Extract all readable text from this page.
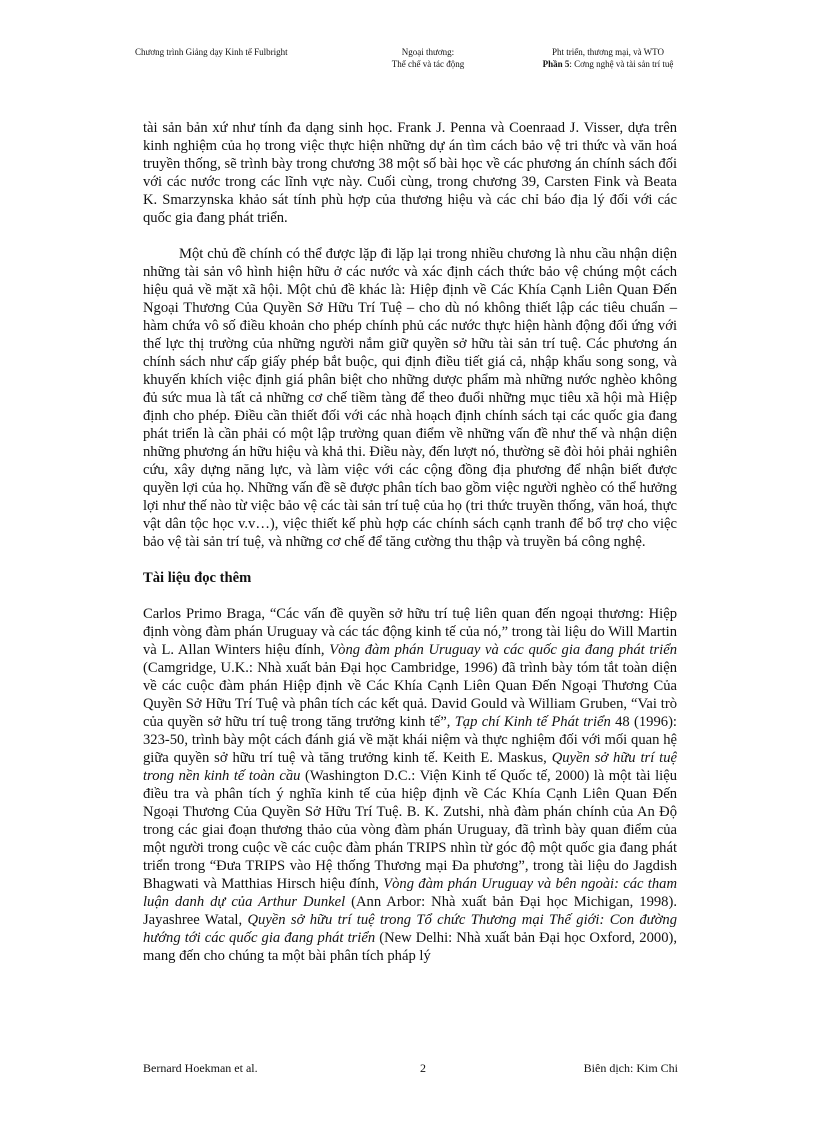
Chương trình Giảng dạy Kinh tế Fulbright	Ngoại thương:
Thể chế và tác động
Pht triển, thương mại, và WTO
Phần 5: Cơng nghệ và tài sản trí tuệ

tài sản bản xứ như tính đa dạng sinh học. Frank J. Penna và Coenraad J. Visser, dựa trên kinh nghiệm của họ trong việc thực hiện những dự án tìm cách bảo vệ tri thức và văn hoá truyền thống, sẽ trình bày trong chương 38 một số bài học về các phương án chính sách đối với các nước trong các lĩnh vực này. Cuối cùng, trong chương 39, Carsten Fink và Beata K. Smarzynska khảo sát tính phù hợp của thương hiệu và các chỉ báo địa lý đối với các quốc gia đang phát triển.

Một chủ đề chính có thể được lặp đi lặp lại trong nhiều chương là nhu cầu nhận diện những tài sản vô hình hiện hữu ở các nước và xác định cách thức bảo vệ chúng một cách hiệu quả về mặt xã hội. Một chủ đề khác là: Hiệp định về Các Khía Cạnh Liên Quan Đến Ngoại Thương Của Quyền Sở Hữu Trí Tuệ – cho dù nó không thiết lập các tiêu chuẩn – hàm chứa vô số điều khoản cho phép chính phủ các nước thực hiện hành động đối ứng với thế lực thị trường của những người nắm giữ quyền sở hữu tài sản trí tuệ. Các phương án chính sách như cấp giấy phép bắt buộc, qui định điều tiết giá cả, nhập khẩu song song, và khuyến khích việc định giá phân biệt cho những dược phẩm mà những nước nghèo không đủ sức mua là tất cả những cơ chế tiềm tàng để theo đuổi những mục tiêu xã hội mà Hiệp định cho phép. Điều cần thiết đối với các nhà hoạch định chính sách tại các quốc gia đang phát triển là cần phải có một lập trường quan điểm về những vấn đề như thế và nhận diện những phương án hữu hiệu và khả thi. Điều này, đến lượt nó, thường sẽ đòi hỏi phải nghiên cứu, xây dựng năng lực, và làm việc với các cộng đồng địa phương để nhận biết được quyền lợi của họ. Những vấn đề sẽ được phân tích bao gồm việc người nghèo có thể hưởng lợi như thế nào từ việc bảo vệ các tài sản trí tuệ của họ (tri thức truyền thống, văn hoá, thực vật dân tộc học v.v…), việc thiết kế phù hợp các chính sách cạnh tranh để bổ trợ cho việc bảo vệ tài sản trí tuệ, và những cơ chế để tăng cường thu thập và truyền bá công nghệ.

Tài liệu đọc thêm

Carlos Primo Braga, “Các vấn đề quyền sở hữu trí tuệ liên quan đến ngoại thương: Hiệp định vòng đàm phán Uruguay và các tác động kinh tế của nó,” trong tài liệu do Will Martin và L. Allan Winters hiệu đính, Vòng đàm phán Uruguay và các quốc gia đang phát triển (Camgridge, U.K.: Nhà xuất bản Đại học Cambridge, 1996) đã trình bày tóm tắt toàn diện về các cuộc đàm phán Hiệp định về Các Khía Cạnh Liên Quan Đến Ngoại Thương Của Quyền Sở Hữu Trí Tuệ và phân tích các kết quả. David Gould và William Gruben, “Vai trò của quyền sở hữu trí tuệ trong tăng trưởng kinh tế”, Tạp chí Kinh tế Phát triển 48 (1996): 323-50, trình bày một cách đánh giá về mặt khái niệm và thực nghiệm đối với mối quan hệ giữa quyền sở hữu trí tuệ và tăng trưởng kinh tế. Keith E. Maskus, Quyền sở hữu trí tuệ trong nền kinh tế toàn cầu (Washington D.C.: Viện Kinh tế Quốc tế, 2000) là một tài liệu điều tra và phân tích ý nghĩa kinh tế của hiệp định về Các Khía Cạnh Liên Quan Đến Ngoại Thương Của Quyền Sở Hữu Trí Tuệ. B. K. Zutshi, nhà đàm phán chính của An Độ trong các giai đoạn thương thảo của vòng đàm phán Uruguay, đã trình bày quan điểm của một người trong cuộc về các cuộc đàm phán TRIPS nhìn từ góc độ một quốc gia đang phát triển trong “Đưa TRIPS vào Hệ thống Thương mại Đa phương”, trong tài liệu do Jagdish Bhagwati và Matthias Hirsch hiệu đính, Vòng đàm phán Uruguay và bên ngoài: các tham luận danh dự của Arthur Dunkel (Ann Arbor: Nhà xuất bản Đại học Michigan, 1998). Jayashree Watal, Quyền sở hữu trí tuệ trong Tổ chức Thương mại Thế giới: Con đường hướng tới các quốc gia đang phát triển (New Delhi: Nhà xuất bản Đại học Oxford, 2000), mang đến cho chúng ta một bài phân tích pháp lý

Bernard Hoekman et al.	2	Biên dịch: Kim Chi
